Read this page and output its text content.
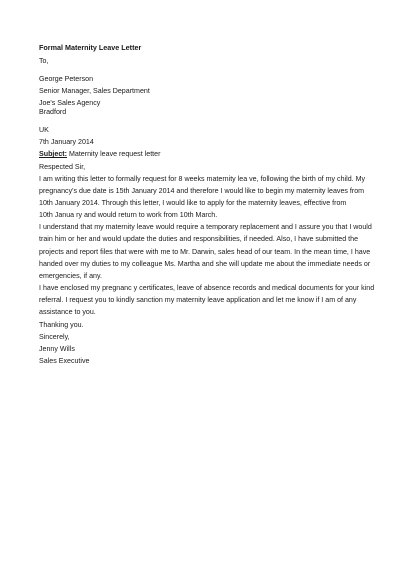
Formal Maternity Leave Letter
To,
George Peterson
Senior Manager, Sales Department
Joe's Sales Agency
Bradford
UK
7th January 2014
Subject: Maternity leave request letter
Respected Sir,
I am writing this letter to formally request for 8 weeks maternity lea ve, following the birth of my child. My
pregnancy's due date is 15th January 2014 and therefore I would like to begin my maternity leaves from
10th January 2014. Through this letter, I would like to apply for the maternity leaves, effective from
10th Janua ry and would return to work from 10th March.
I understand that my maternity leave would require a temporary replacement and I assure you that I would
train him or her and would update the duties and responsibilities, if needed. Also, I have submitted the
projects and report files that were with me to Mr. Darwin, sales head of our team. In the mean time, I have
handed over my duties to my colleague Ms. Martha and she will update me about the immediate needs or
emergencies, if any.
I have enclosed my pregnanc y certificates, leave of absence records and medical documents for your kind
referral. I request you to kindly sanction my maternity leave application and let me know if I am of any
assistance to you.
Thanking you.
Sincerely,
Jenny Wills
Sales Executive
